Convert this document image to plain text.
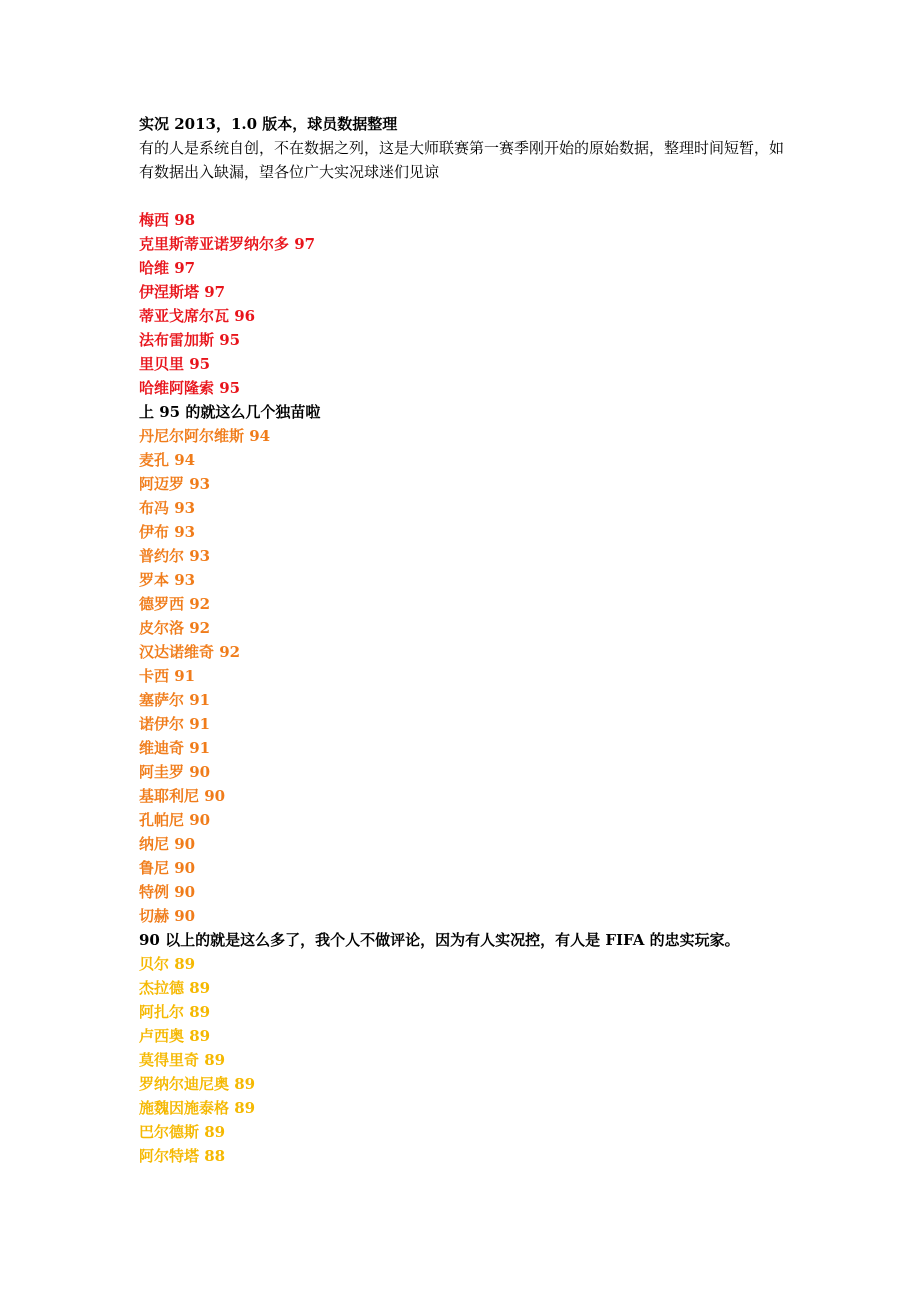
实况 2013，1.0 版本，球员数据整理
有的人是系统自创，不在数据之列，这是大师联赛第一赛季刚开始的原始数据，整理时间短暂，如有数据出入缺漏，望各位广大实况球迷们见谅
梅西 98
克里斯蒂亚诺罗纳尔多 97
哈维 97
伊涅斯塔 97
蒂亚戈席尔瓦 96
法布雷加斯 95
里贝里 95
哈维阿隆索 95
上 95 的就这么几个独苗啦
丹尼尔阿尔维斯 94
麦孔 94
阿迈罗 93
布冯 93
伊布 93
普约尔 93
罗本 93
德罗西 92
皮尔洛 92
汉达诺维奇 92
卡西 91
塞萨尔 91
诺伊尔 91
维迪奇 91
阿圭罗 90
基耶利尼 90
孔帕尼 90
纳尼 90
鲁尼 90
特例 90
切赫 90
90 以上的就是这么多了，我个人不做评论，因为有人实况控，有人是 FIFA 的忠实玩家。
贝尔 89
杰拉德 89
阿扎尔 89
卢西奥 89
莫得里奇 89
罗纳尔迪尼奥 89
施魏因施泰格 89
巴尔德斯 89
阿尔特塔 88
